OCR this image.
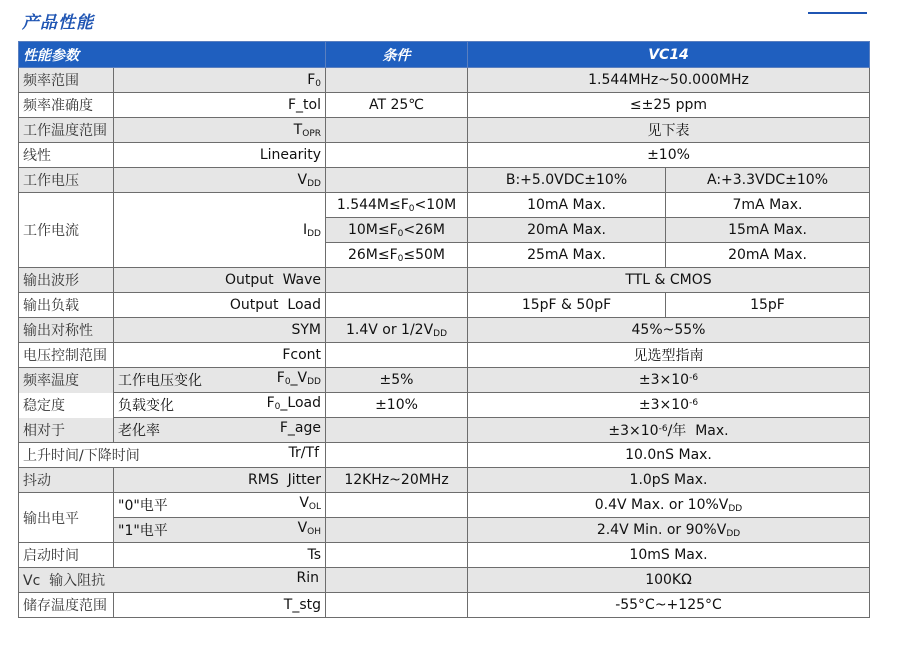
产品性能
性能参数		条件	VC14	
频率范围	$F_0$		1.544MHz~50.000MHz	
频率准确度	F_tol	AT 25℃	≤±25 ppm	
工作温度范围	$T_{OPR}$		见下表	
线性	Linearity		±10%	
工作电压	$V_{DD}$		B:+5.0VDC±10%	A:+3.3VDC±10%
工作电流	$I_{DD}$	$1.544M\le F_0<10M$	10mA Max.	7mA Max.
		$10M\le F_0<26M$	20mA Max.	15mA Max.
		$26M\le F_0\le 50M$	25mA Max.	20mA Max.
输出波形	Output  Wave		TTL & CMOS	
输出负载	Output  Load		15pF & 50pF	15pF
输出对称性	SYM	1.4V or $1/2V_{DD}$	45%~55%	
电压控制范围	Fcont		见选型指南	
频率温度	工作电压变化 $F_0\_V_{DD}$	±5%	$\pm 3\times 10^{-6}$
稳定度	负载变化 $F_0\_Load$	±10%	$\pm 3\times 10^{-6}$
相对于	老化率 F_age		$\pm 3\times 10^{-6}/$年  Max.	
上升时间/下降时间 Tr/Tf			10.0nS Max.	
抖动	RMS  Jitter	12KHz~20MHz	1.0pS Max.	
输出电平	"0"电平 $V_{OL}$		0.4V Max. or $10\%V_{DD}$

	"1"电平 $V_{OH}$		2.4V Min. or $90\%V_{DD}$
启动时间	Ts		10mS Max.	
Vc  输入阻抗 Rin			100KΩ	
储存温度范围	T_stg		-55°C~+125°C	
